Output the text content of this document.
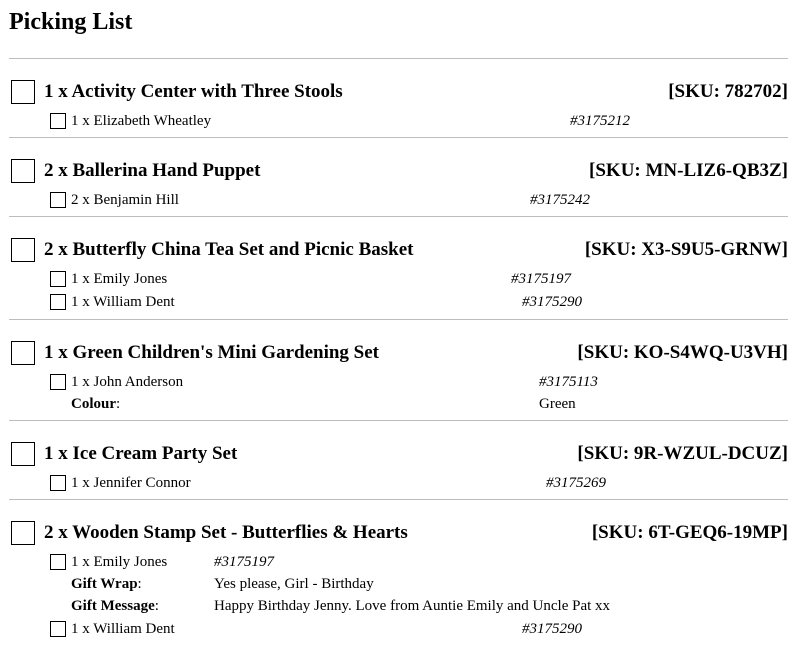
Picking List
1 x Activity Center with Three Stools	[SKU: 782702]
1 x Elizabeth Wheatley	#3175212
2 x Ballerina Hand Puppet	[SKU: MN-LIZ6-QB3Z]
2 x Benjamin Hill	#3175242
2 x Butterfly China Tea Set and Picnic Basket	[SKU: X3-S9U5-GRNW]
1 x Emily Jones	#3175197
1 x William Dent	#3175290
1 x Green Children's Mini Gardening Set	[SKU: KO-S4WQ-U3VH]
1 x John Anderson	#3175113
Colour:	Green
1 x Ice Cream Party Set	[SKU: 9R-WZUL-DCUZ]
1 x Jennifer Connor	#3175269
2 x Wooden Stamp Set - Butterflies & Hearts	[SKU: 6T-GEQ6-19MP]
1 x Emily Jones	#3175197
Gift Wrap:	Yes please, Girl - Birthday
Gift Message:	Happy Birthday Jenny. Love from Auntie Emily and Uncle Pat xx
1 x William Dent	#3175290
